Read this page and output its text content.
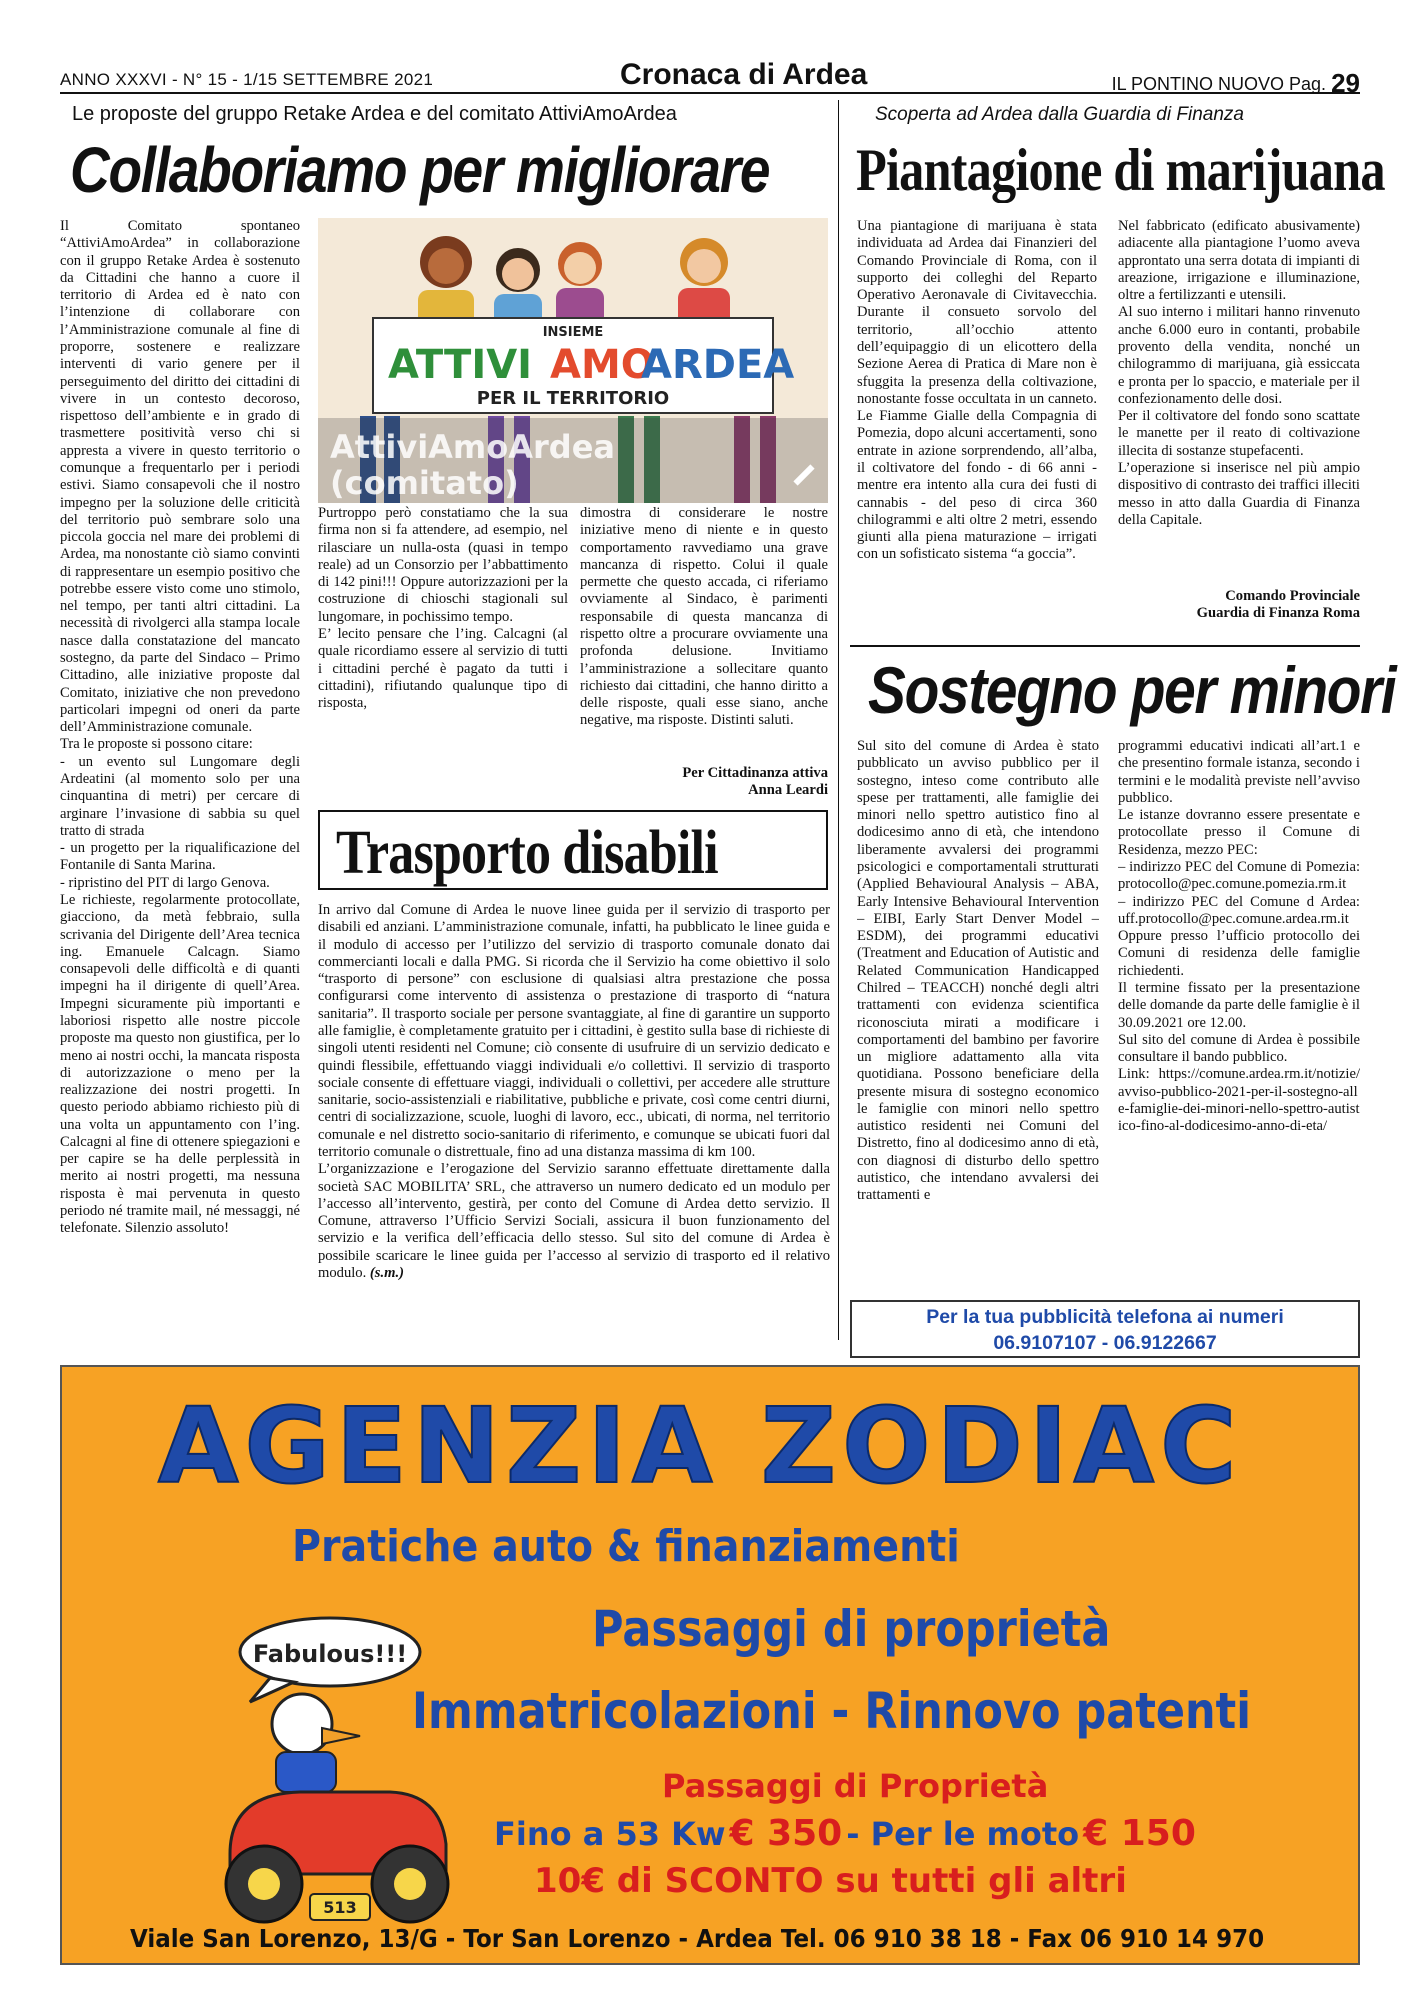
ANNO XXXVI - N° 15 - 1/15 SETTEMBRE 2021	Cronaca di Ardea	IL PONTINO NUOVO Pag. 29
Le proposte del gruppo Retake Ardea e del comitato AttiviAmoArdea
Collaboriamo per migliorare

Il Comitato spontaneo “AttiviAmoArdea” in collaborazione con il gruppo Retake Ardea è sostenuto da Cittadini che hanno a cuore il territorio di Ardea ed è nato con l’intenzione di collaborare con l’Amministrazione comunale al fine di proporre, sostenere e realizzare interventi di vario genere per il perseguimento del diritto dei cittadini di vivere in un contesto decoroso, rispettoso dell’ambiente e in grado di trasmettere positività verso chi si appresta a vivere in questo territorio o comunque a frequentarlo per i periodi estivi. Siamo consapevoli che il nostro impegno per la soluzione delle criticità del territorio può sembrare solo una piccola goccia nel mare dei problemi di Ardea, ma nonostante ciò siamo convinti di rappresentare un esempio positivo che potrebbe essere visto come uno stimolo, nel tempo, per tanti altri cittadini. La necessità di rivolgerci alla stampa locale nasce dalla constatazione del mancato sostegno, da parte del Sindaco – Primo Cittadino, alle iniziative proposte dal Comitato, iniziative che non prevedono particolari impegni od oneri da parte dell’Amministrazione comunale.

Tra le proposte si possono citare:

- un evento sul Lungomare degli Ardeatini (al momento solo per una cinquantina di metri) per cercare di arginare l’invasione di sabbia su quel tratto di strada

- un progetto per la riqualificazione del Fontanile di Santa Marina.

- ripristino del PIT di largo Genova.

Le richieste, regolarmente protocollate, giacciono, da metà febbraio, sulla scrivania del Dirigente dell’Area tecnica ing. Emanuele Calcagn. Siamo consapevoli delle difficoltà e di quanti impegni ha il dirigente di quell’Area. Impegni sicuramente più importanti e laboriosi rispetto alle nostre piccole proposte ma questo non giustifica, per lo meno ai nostri occhi, la mancata risposta di autorizzazione o meno per la realizzazione dei nostri progetti. In questo periodo abbiamo richiesto più di una volta un appuntamento con l’ing. Calcagni al fine di ottenere spiegazioni e per capire se ha delle perplessità in merito ai nostri progetti, ma nessuna risposta è mai pervenuta in questo periodo né tramite mail, né messaggi, né telefonate. Silenzio assoluto!

INSIEME
ATTIVI AMO
ARDEA
PER IL TERRITORIO
AttiviAmoArdea
(comitato)

Purtroppo però constatiamo che la sua firma non si fa attendere, ad esempio, nel rilasciare un nulla-osta (quasi in tempo reale) ad un Consorzio per l’abbattimento di 142 pini!!! Oppure autorizzazioni per la costruzione di chioschi stagionali sul lungomare, in pochissimo tempo.

E’ lecito pensare che l’ing. Calcagni (al quale ricordiamo essere al servizio di tutti i cittadini perché è pagato da tutti i cittadini), rifiutando qualunque tipo di risposta,

dimostra di considerare le nostre iniziative meno di niente e in questo comportamento ravvediamo una grave mancanza di rispetto. Colui il quale permette che questo accada, ci riferiamo ovviamente al Sindaco, è parimenti responsabile di questa mancanza di rispetto oltre a procurare ovviamente una profonda delusione. Invitiamo l’amministrazione a sollecitare quanto richiesto dai cittadini, che hanno diritto a delle risposte, quali esse siano, anche negative, ma risposte. Distinti saluti.

Per Cittadinanza attiva
Anna Leardi
Scoperta ad Ardea dalla Guardia di Finanza
Piantagione di marijuana

Una piantagione di marijuana è stata individuata ad Ardea dai Finanzieri del Comando Provinciale di Roma, con il supporto dei colleghi del Reparto Operativo Aeronavale di Civitavecchia. Durante il consueto sorvolo del territorio, all’occhio attento dell’equipaggio di un elicottero della Sezione Aerea di Pratica di Mare non è sfuggita la presenza della coltivazione, nonostante fosse occultata in un canneto. Le Fiamme Gialle della Compagnia di Pomezia, dopo alcuni accertamenti, sono entrate in azione sorprendendo, all’alba, il coltivatore del fondo - di 66 anni - mentre era intento alla cura dei fusti di cannabis - del peso di circa 360 chilogrammi e alti oltre 2 metri, essendo giunti alla piena maturazione – irrigati con un sofisticato sistema “a goccia”.

Nel fabbricato (edificato abusivamente) adiacente alla piantagione l’uomo aveva approntato una serra dotata di impianti di areazione, irrigazione e illuminazione, oltre a fertilizzanti e utensili.

Al suo interno i militari hanno rinvenuto anche 6.000 euro in contanti, probabile provento della vendita, nonché un chilogrammo di marijuana, già essiccata e pronta per lo spaccio, e materiale per il confezionamento delle dosi.

Per il coltivatore del fondo sono scattate le manette per il reato di coltivazione illecita di sostanze stupefacenti.

L’operazione si inserisce nel più ampio dispositivo di contrasto dei traffici illeciti messo in atto dalla Guardia di Finanza della Capitale.

Comando Provinciale
Guardia di Finanza Roma
Sostegno per minori

Sul sito del comune di Ardea è stato pubblicato un avviso pubblico per il sostegno, inteso come contributo alle spese per trattamenti, alle famiglie dei minori nello spettro autistico fino al dodicesimo anno di età, che intendono liberamente avvalersi dei programmi psicologici e comportamentali strutturati (Applied Behavioural Analysis – ABA, Early Intensive Behavioural Intervention – EIBI, Early Start Denver Model – ESDM), dei programmi educativi (Treatment and Education of Autistic and Related Communication Handicapped Chilred – TEACCH) nonché degli altri trattamenti con evidenza scientifica riconosciuta mirati a modificare i comportamenti del bambino per favorire un migliore adattamento alla vita quotidiana. Possono beneficiare della presente misura di sostegno economico le famiglie con minori nello spettro autistico residenti nei Comuni del Distretto, fino al dodicesimo anno di età, con diagnosi di disturbo dello spettro autistico, che intendano avvalersi dei trattamenti e

programmi educativi indicati all’art.1 e che presentino formale istanza, secondo i termini e le modalità previste nell’avviso pubblico.

Le istanze dovranno essere presentate e protocollate presso il Comune di Residenza, mezzo PEC:

– indirizzo PEC del Comune di Pomezia: protocollo@pec.comune.pomezia.rm.it

– indirizzo PEC del Comune d Ardea: uff.protocollo@pec.comune.ardea.rm.it

Oppure presso l’ufficio protocollo dei Comuni di residenza delle famiglie richiedenti.

Il termine fissato per la presentazione delle domande da parte delle famiglie è il 30.09.2021 ore 12.00.

Sul sito del comune di Ardea è possibile consultare il bando pubblico.

Link: https://comune.ardea.rm.it/notizie/avviso-pubblico-2021-per-il-sostegno-alle-famiglie-dei-minori-nello-spettro-autistico-fino-al-dodicesimo-anno-di-eta/

Trasporto disabili

In arrivo dal Comune di Ardea le nuove linee guida per il servizio di trasporto per disabili ed anziani. L’amministrazione comunale, infatti, ha pubblicato le linee guida e il modulo di accesso per l’utilizzo del servizio di trasporto comunale donato dai commercianti locali e dalla PMG. Si ricorda che il Servizio ha come obiettivo il solo “trasporto di persone” con esclusione di qualsiasi altra prestazione che possa configurarsi come intervento di assistenza o prestazione di trasporto di “natura sanitaria”. Il trasporto sociale per persone svantaggiate, al fine di garantire un supporto alle famiglie, è completamente gratuito per i cittadini, è gestito sulla base di richieste di singoli utenti residenti nel Comune; ciò consente di usufruire di un servizio dedicato e quindi flessibile, effettuando viaggi individuali e/o collettivi. Il servizio di trasporto sociale consente di effettuare viaggi, individuali o collettivi, per accedere alle strutture sanitarie, socio-assistenziali e riabilitative, pubbliche e private, così come centri diurni, centri di socializzazione, scuole, luoghi di lavoro, ecc., ubicati, di norma, nel territorio comunale e nel distretto socio-sanitario di riferimento, e comunque se ubicati fuori dal territorio comunale o distrettuale, fino ad una distanza massima di km 100.

L’organizzazione e l’erogazione del Servizio saranno effettuate direttamente dalla società SAC MOBILITA’ SRL, che attraverso un numero dedicato ed un modulo per l’accesso all’intervento, gestirà, per conto del Comune di Ardea detto servizio. Il Comune, attraverso l’Ufficio Servizi Sociali, assicura il buon funzionamento del servizio e la verifica dell’efficacia dello stesso. Sul sito del comune di Ardea è possibile scaricare le linee guida per l’accesso al servizio di trasporto ed il relativo modulo. (s.m.)

Per la tua pubblicità telefona ai numeri
06.9107107 - 06.9122667
AGENZIA ZODIAC
Pratiche auto & finanziamenti
Fabulous!!!
513
Passaggi di proprietà
Immatricolazioni - Rinnovo patenti
Passaggi di Proprietà
Fino a 53 Kw € 350 - Per le moto € 150
10€ di SCONTO su tutti gli altri
Viale San Lorenzo, 13/G - Tor San Lorenzo - Ardea Tel. 06 910 38 18 - Fax 06 910 14 970
